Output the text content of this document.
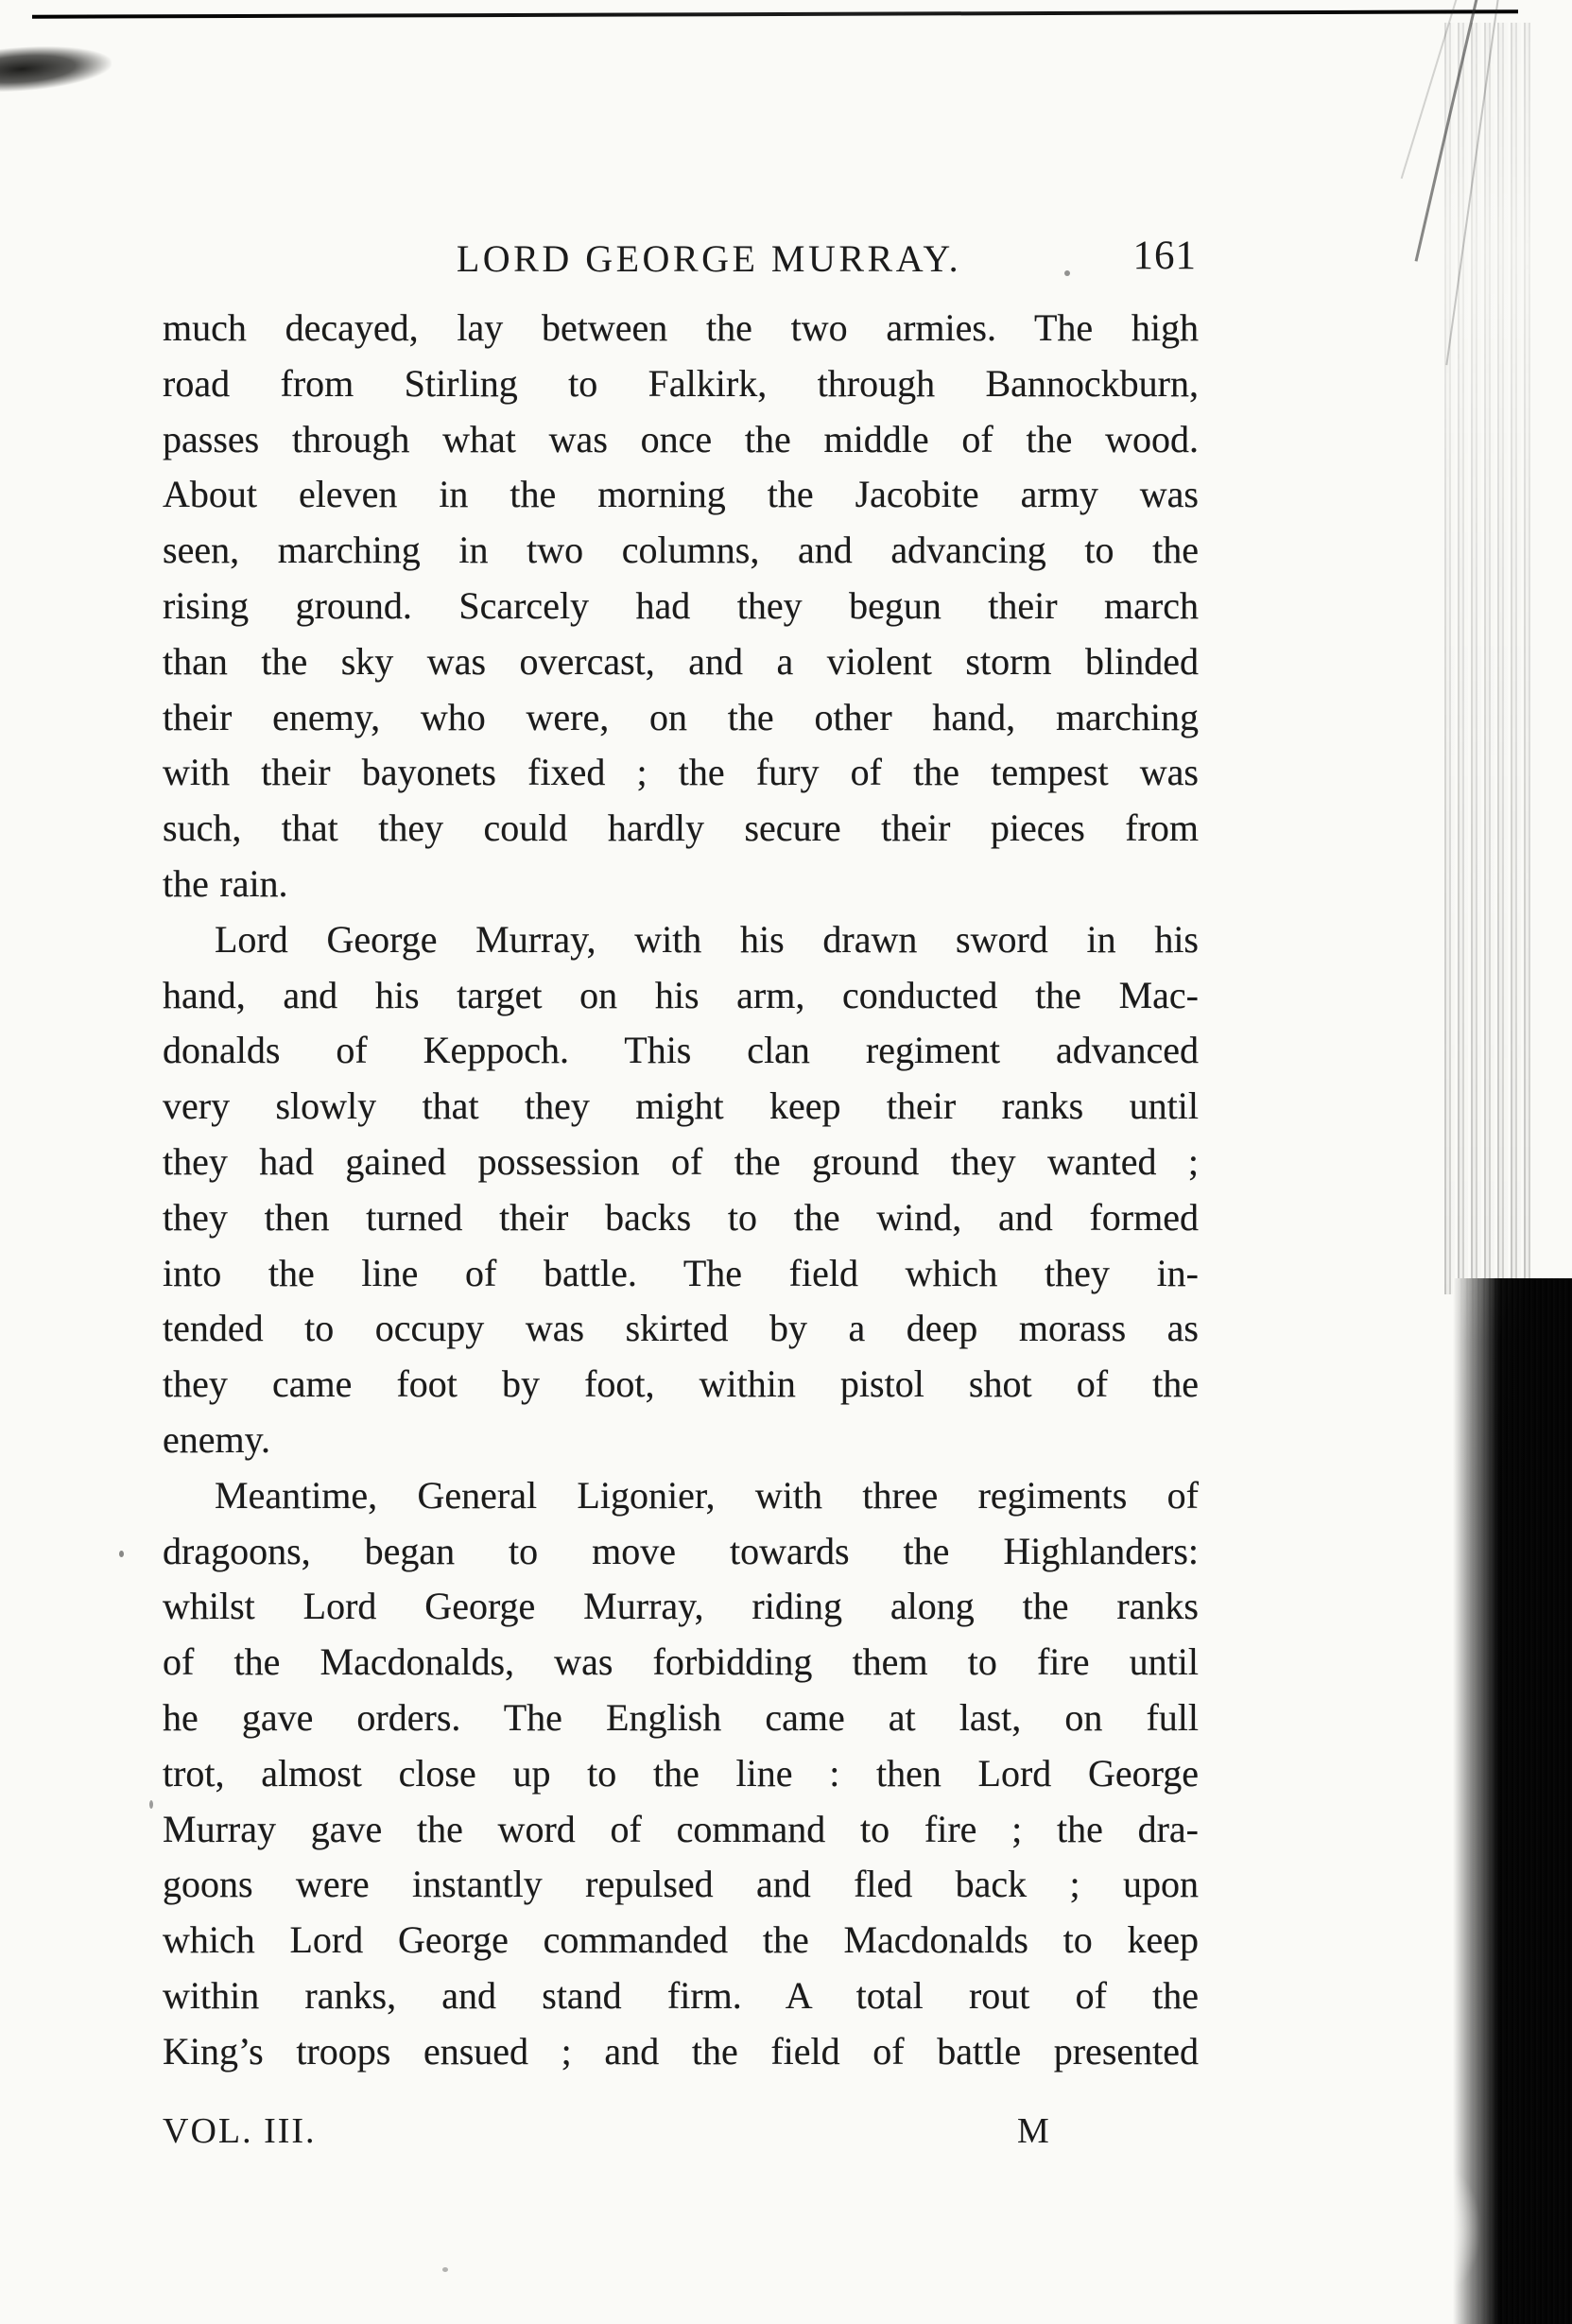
LORD GEORGE MURRAY.	161
much decayed, lay between the two armies. The high
road from Stirling to Falkirk, through Bannockburn,
passes through what was once the middle of the wood.
About eleven in the morning the Jacobite army was
seen, marching in two columns, and advancing to the
rising ground. Scarcely had they begun their march
than the sky was overcast, and a violent storm blinded
their enemy, who were, on the other hand, marching
with their bayonets fixed ; the fury of the tempest was
such, that they could hardly secure their pieces from
the rain.
Lord George Murray, with his drawn sword in his
hand, and his target on his arm, conducted the Mac-
donalds of Keppoch. This clan regiment advanced
very slowly that they might keep their ranks until
they had gained possession of the ground they wanted ;
they then turned their backs to the wind, and formed
into the line of battle. The field which they in-
tended to occupy was skirted by a deep morass as
they came foot by foot, within pistol shot of the
enemy.
Meantime, General Ligonier, with three regiments of
dragoons, began to move towards the Highlanders:
whilst Lord George Murray, riding along the ranks
of the Macdonalds, was forbidding them to fire until
he gave orders. The English came at last, on full
trot, almost close up to the line : then Lord George
Murray gave the word of command to fire ; the dra-
goons were instantly repulsed and fled back ; upon
which Lord George commanded the Macdonalds to keep
within ranks, and stand firm. A total rout of the
King’s troops ensued ; and the field of battle presented
VOL. III.	M
